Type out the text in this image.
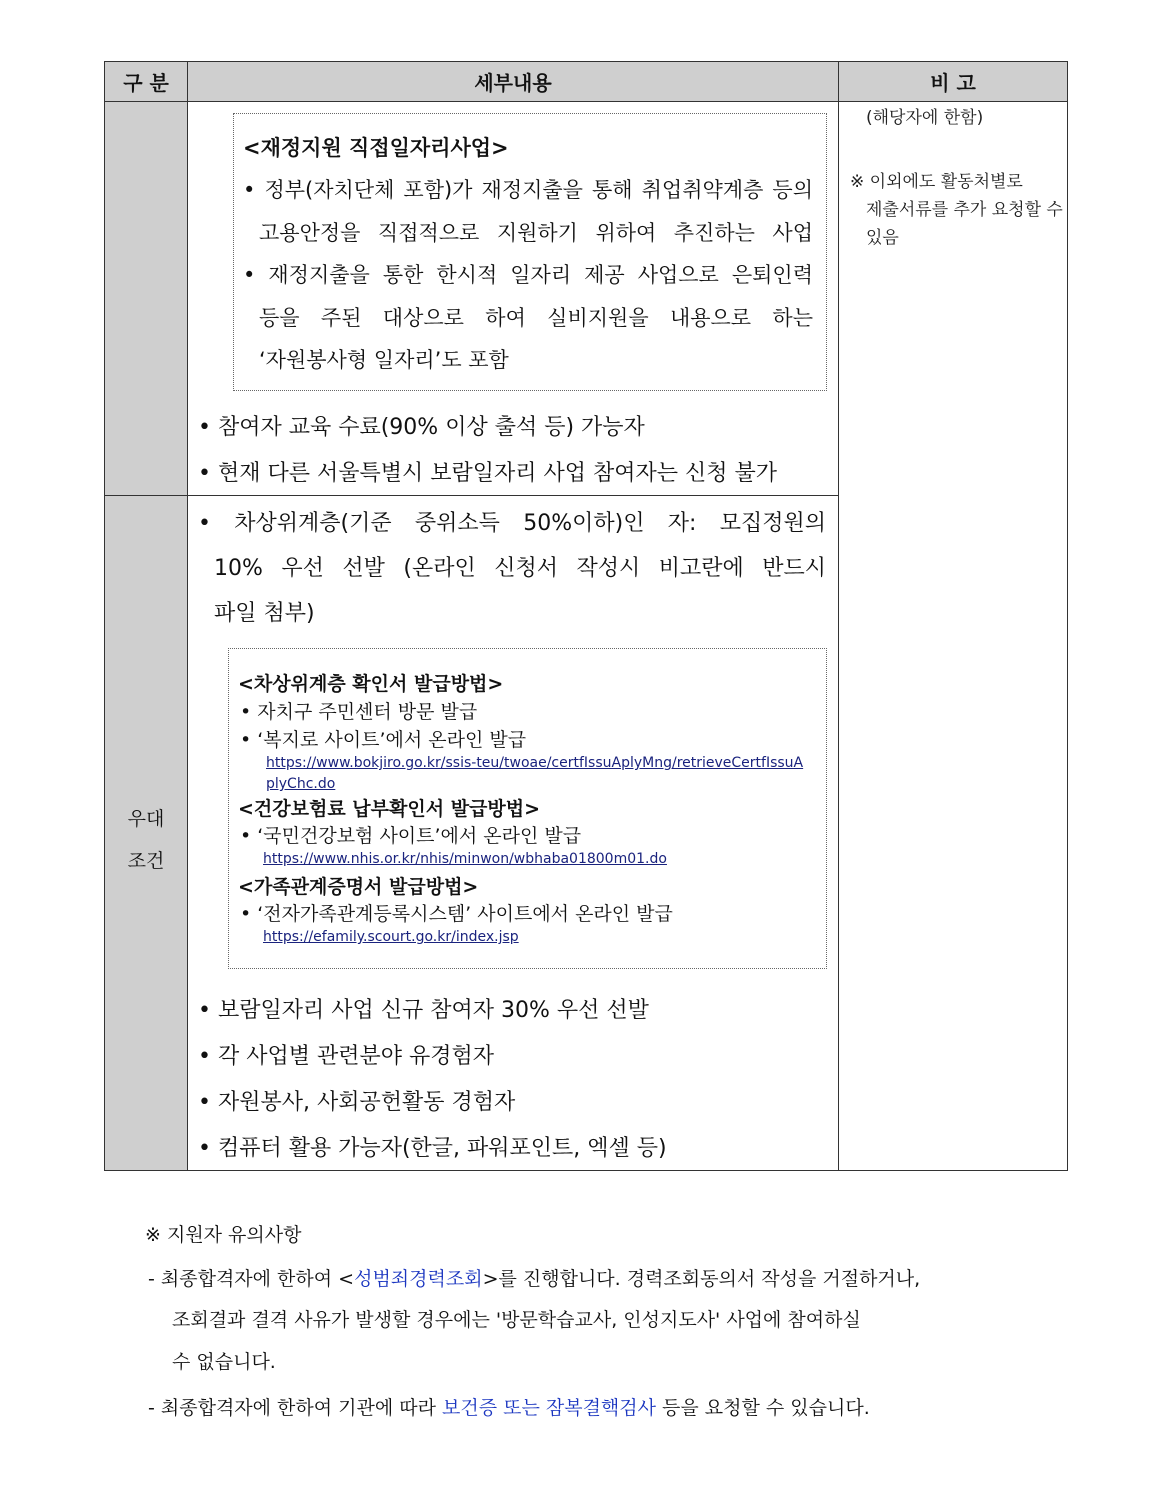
구 분	세부내용	비 고
(해당자에 한함)
※ 이외에도 활동처별로
제출서류를 추가 요청할 수
있음
<재정지원 직접일자리사업>
• 정부(자치단체 포함)가 재정지출을 통해 취업취약계층 등의
고용안정을 직접적으로 지원하기 위하여 추진하는 사업
• 재정지출을 통한 한시적 일자리 제공 사업으로 은퇴인력
등을 주된 대상으로 하여 실비지원을 내용으로 하는
‘자원봉사형 일자리’도 포함
• 참여자 교육 수료(90% 이상 출석 등) 가능자
• 현재 다른 서울특별시 보람일자리 사업 참여자는 신청 불가
우대
조건
• 차상위계층(기준 중위소득 50%이하)인 자: 모집정원의
10% 우선 선발 (온라인 신청서 작성시 비고란에 반드시
파일 첨부)
<차상위계층 확인서 발급방법>
• 자치구 주민센터 방문 발급
• ‘복지로 사이트’에서 온라인 발급
https://www.bokjiro.go.kr/ssis-teu/twoae/certfIssuAplyMng/retrieveCertfIssuA
plyChc.do
<건강보험료 납부확인서 발급방법>
• ‘국민건강보험 사이트’에서 온라인 발급
https://www.nhis.or.kr/nhis/minwon/wbhaba01800m01.do
<가족관계증명서 발급방법>
• ‘전자가족관계등록시스템’ 사이트에서 온라인 발급
https://efamily.scourt.go.kr/index.jsp
• 보람일자리 사업 신규 참여자 30% 우선 선발
• 각 사업별 관련분야 유경험자
• 자원봉사, 사회공헌활동 경험자
• 컴퓨터 활용 가능자(한글, 파워포인트, 엑셀 등)
※ 지원자 유의사항
- 최종합격자에 한하여 <성범죄경력조회>를 진행합니다. 경력조회동의서 작성을 거절하거나,
조회결과 결격 사유가 발생할 경우에는 '방문학습교사, 인성지도사' 사업에 참여하실
수 없습니다.
- 최종합격자에 한하여 기관에 따라 보건증 또는 잠복결핵검사 등을 요청할 수 있습니다.
